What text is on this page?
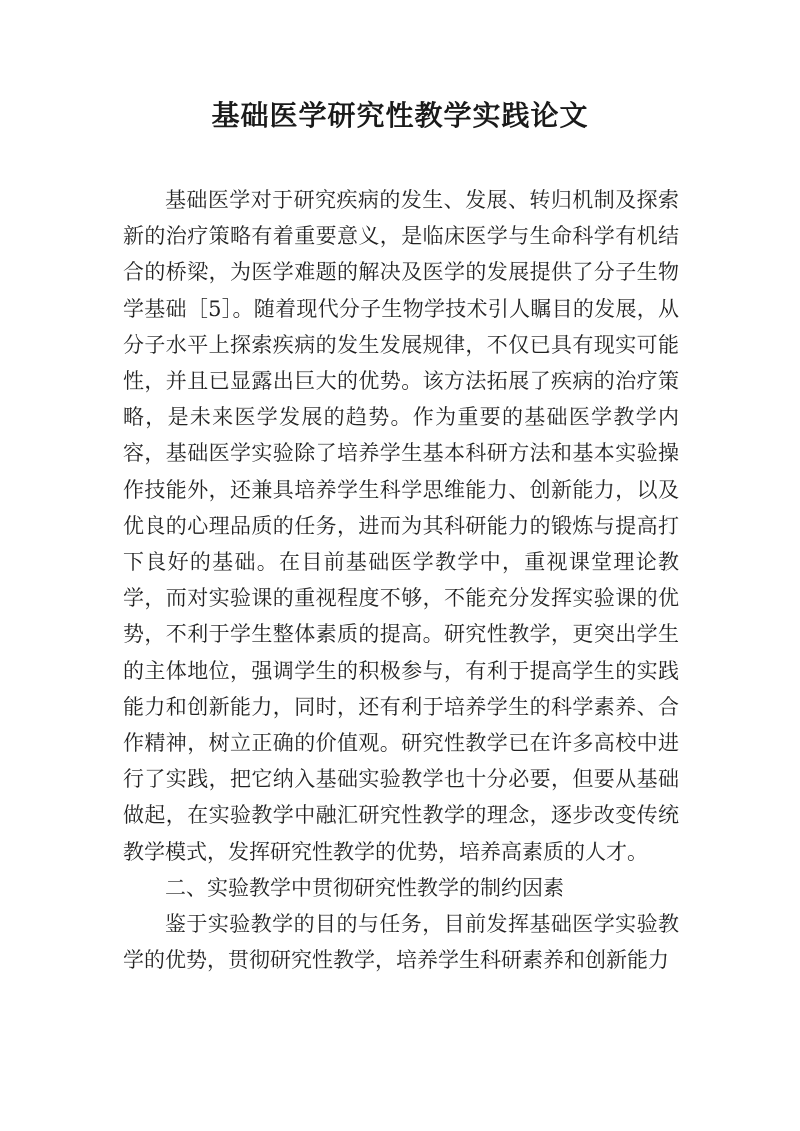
基础医学研究性教学实践论文

基础医学对于研究疾病的发生、发展、转归机制及探索新的治疗策略有着重要意义，是临床医学与生命科学有机结合的桥梁，为医学难题的解决及医学的发展提供了分子生物学基础［5］。随着现代分子生物学技术引人瞩目的发展，从分子水平上探索疾病的发生发展规律，不仅已具有现实可能性，并且已显露出巨大的优势。该方法拓展了疾病的治疗策略，是未来医学发展的趋势。作为重要的基础医学教学内容，基础医学实验除了培养学生基本科研方法和基本实验操作技能外，还兼具培养学生科学思维能力、创新能力，以及优良的心理品质的任务，进而为其科研能力的锻炼与提高打下良好的基础。在目前基础医学教学中，重视课堂理论教学，而对实验课的重视程度不够，不能充分发挥实验课的优势，不利于学生整体素质的提高。研究性教学，更突出学生的主体地位，强调学生的积极参与，有利于提高学生的实践能力和创新能力，同时，还有利于培养学生的科学素养、合作精神，树立正确的价值观。研究性教学已在许多高校中进行了实践，把它纳入基础实验教学也十分必要，但要从基础做起，在实验教学中融汇研究性教学的理念，逐步改变传统教学模式，发挥研究性教学的优势，培养高素质的人才。

二、实验教学中贯彻研究性教学的制约因素

鉴于实验教学的目的与任务，目前发挥基础医学实验教学的优势，贯彻研究性教学，培养学生科研素养和创新能力
